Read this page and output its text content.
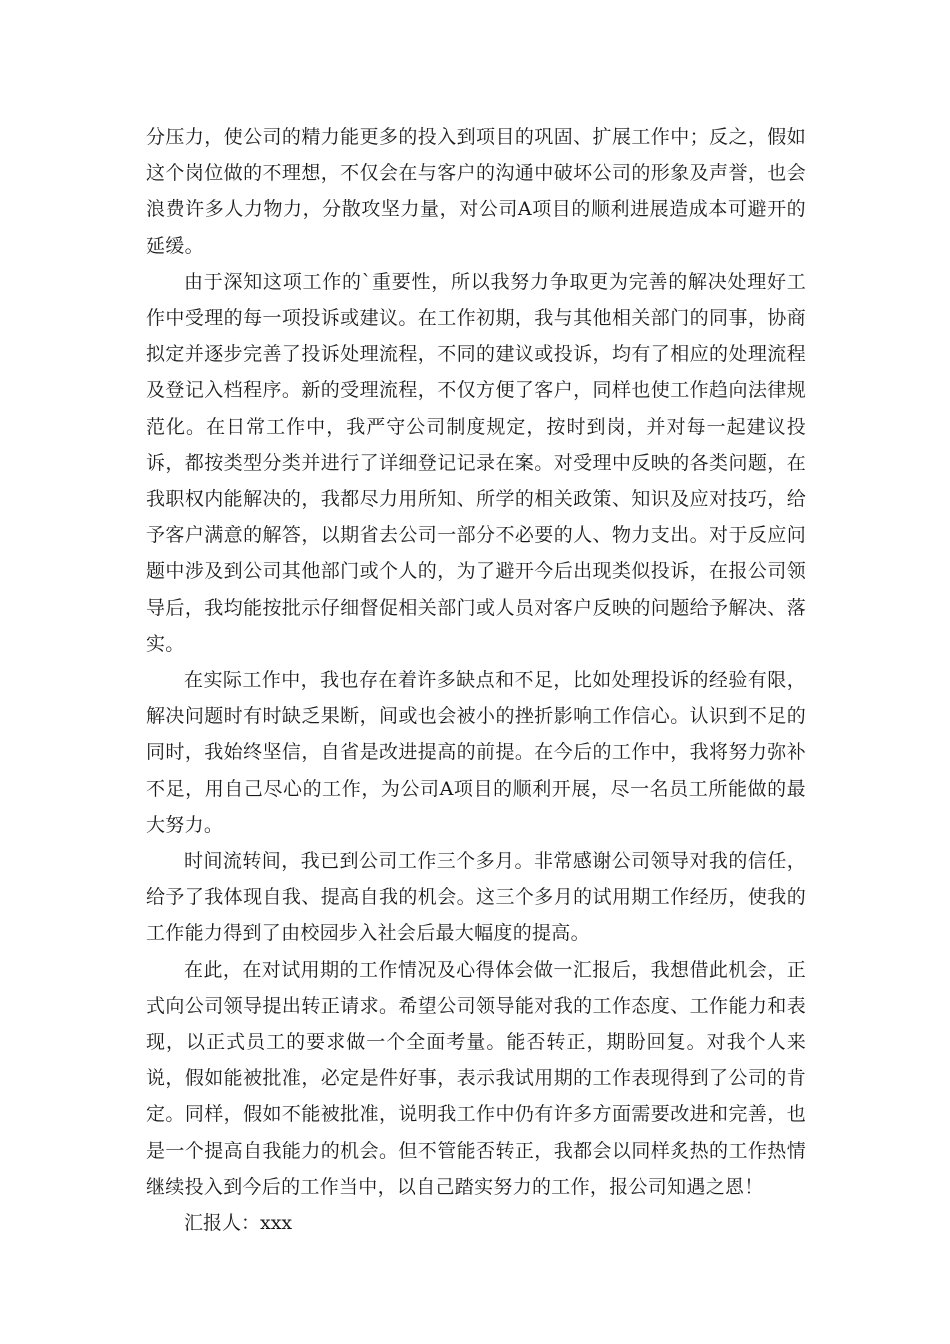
分压力，使公司的精力能更多的投入到项目的巩固、扩展工作中；反之，假如这个岗位做的不理想，不仅会在与客户的沟通中破坏公司的形象及声誉，也会浪费许多人力物力，分散攻坚力量，对公司A项目的顺利进展造成本可避开的延缓。

由于深知这项工作的`重要性，所以我努力争取更为完善的解决处理好工作中受理的每一项投诉或建议。在工作初期，我与其他相关部门的同事，协商拟定并逐步完善了投诉处理流程，不同的建议或投诉，均有了相应的处理流程及登记入档程序。新的受理流程，不仅方便了客户，同样也使工作趋向法律规范化。在日常工作中，我严守公司制度规定，按时到岗，并对每一起建议投诉，都按类型分类并进行了详细登记记录在案。对受理中反映的各类问题，在我职权内能解决的，我都尽力用所知、所学的相关政策、知识及应对技巧，给予客户满意的解答，以期省去公司一部分不必要的人、物力支出。对于反应问题中涉及到公司其他部门或个人的，为了避开今后出现类似投诉，在报公司领导后，我均能按批示仔细督促相关部门或人员对客户反映的问题给予解决、落实。

在实际工作中，我也存在着许多缺点和不足，比如处理投诉的经验有限，解决问题时有时缺乏果断，间或也会被小的挫折影响工作信心。认识到不足的同时，我始终坚信，自省是改进提高的前提。在今后的工作中，我将努力弥补不足，用自己尽心的工作，为公司A项目的顺利开展，尽一名员工所能做的最大努力。

时间流转间，我已到公司工作三个多月。非常感谢公司领导对我的信任，给予了我体现自我、提高自我的机会。这三个多月的试用期工作经历，使我的工作能力得到了由校园步入社会后最大幅度的提高。

在此，在对试用期的工作情况及心得体会做一汇报后，我想借此机会，正式向公司领导提出转正请求。希望公司领导能对我的工作态度、工作能力和表现，以正式员工的要求做一个全面考量。能否转正，期盼回复。对我个人来说，假如能被批准，必定是件好事，表示我试用期的工作表现得到了公司的肯定。同样，假如不能被批准，说明我工作中仍有许多方面需要改进和完善，也是一个提高自我能力的机会。但不管能否转正，我都会以同样炙热的工作热情继续投入到今后的工作当中，以自己踏实努力的工作，报公司知遇之恩！

汇报人：xxx
